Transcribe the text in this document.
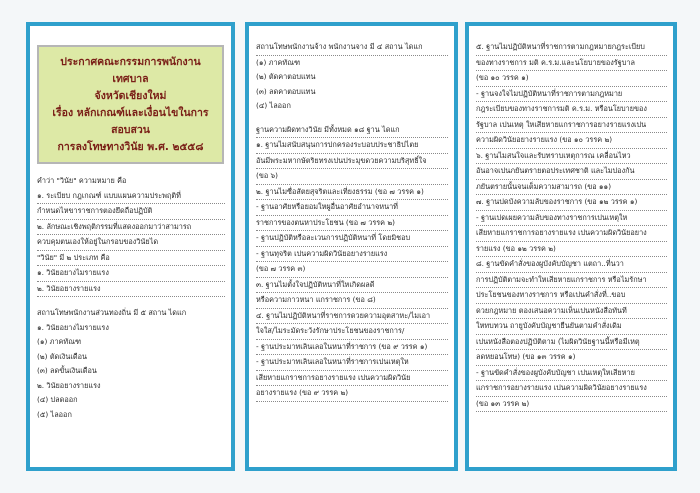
ประกาศคณะกรรมการพนักงานเทศบาล
จังหวัดเชียงใหม่
เรื่อง หลักเกณฑ์และเงื่อนไขในการสอบสวน
การลงโทษทางวินัย พ.ศ. ๒๕๕๘
คำว่า "วินัย" ความหมาย คือ
๑. ระเบียบ กฎเกณฑ์ แบบแผนความประพฤติที่
กำหนดไหขาราชการตองยึดถือปฏิบัติ
๒. ลักษณะเชิงพฤติกรรมที่แสดงออกมาว่าสามารถ
ควบคุมตนเองให้อยู่ในกรอบของวินัยได
"วินัย" มี ๒ ประเภท คือ
๑. วินัยอยางไมรายแรง
๒. วินัยอยางรายแรง
สถานโทษพนักงานส่วนทองถิ่น มี ๕ สถาน ไดแก
๑. วินัยอยางไมรายแรง
(๑) ภาคทัณฑ
(๒) ตัดเงินเดือน
(๓) ลดขั้นเงินเดือน
๒. วินัยอยางรายแรง
(๔) ปลดออก
(๕) ไลออก
สถานโทษพนักงานจ้าง พนักงานจาง มี ๔ สถาน ไดแก
(๑) ภาคทัณฑ
(๒) ตัดคาตอบแทน
(๓) ลดคาตอบแทน
(๔) ไลออก
ฐานความผิดทางวินัย มีทั้งหมด ๑๘ ฐาน ไดแก
๑. ฐานไมสนับสนุนการปกครองระบอบประชาธิปไตย
อันมีพระมหากษัตริยทรงเปนประมุขดวยความบริสุทธิ์ใจ
(ขอ ๖)
๒. ฐานไมซื่อสัตยสุจริตและเที่ยงธรรม (ขอ ๗ วรรค ๑)
- ฐานอาศัยหรือยอมใหผูอื่นอาศัยอำนาจหนาที่
ราชการของตนหาประโยชน (ขอ ๗ วรรค ๒)
- ฐานปฏิบัติหรือละเวนการปฏิบัติหนาที่ โดยมิชอบ
- ฐานทุจริต เปนความผิดวินัยอยางรายแรง
(ขอ ๗ วรรค ๓)
๓. ฐานไมตั้งใจปฏิบัติหนาที่ใหเกิดผลดี
หรือความกาวหนา แกราชการ (ขอ ๘)
๔. ฐานไมปฏิบัติหนาที่ราชการดวยความอุตสาหะ/ไมเอา
ใจใส/ไมระมัดระวังรักษาประโยชนของราชการ/
- ฐานประมาทเลินเลอในหนาที่ราชการ (ขอ ๙ วรรค ๑)
- ฐานประมาทเลินเลอในหนาที่ราชการเปนเหตุให
เสียหายแกราชการอยางรายแรง เปนความผิดวินัย
อยางรายแรง (ขอ ๙ วรรค ๒)
๕. ฐานไมปฏิบัติหนาที่ราชการตามกฎหมายกฎระเบียบ
ของทางราชการ มติ ค.ร.ม.และนโยบายของรัฐบาล
(ขอ ๑๐ วรรค ๑)
- ฐานจงใจไมปฏิบัติหนาที่ราชการตามกฎหมาย
กฎระเบียบของทางราชการมติ ค.ร.ม. หรือนโยบายของ
รัฐบาล เปนเหตุ ใหเสียหายแกราชการอยางรายแรงเปน
ความผิดวินัยอยางรายแรง (ขอ ๑๐ วรรค ๒)
๖. ฐานไมสนใจและรับทราบเหตุการณ เคลื่อนไหว
อันอาจเปนภยันตรายตอประเทศชาติ และไมปองกัน
ภยันตรายนั้นจนเต็มความสามารถ (ขอ ๑๑)
๗. ฐานปดบังความลับของราชการ (ขอ ๑๒ วรรค ๑)
- ฐานเปดเผยความลับของทางราชการเปนเหตุให
เสียหายแกราชการอยางรายแรง เปนความผิดวินัยอยาง
รายแรง (ขอ ๑๒ วรรค ๒)
๘. ฐานขัดคำสั่งของผูบังคับบัญชา แตถา..ที่นวา
การปฏิบัติตามจะทำใหเสียหายแกราชการ หรือไมรักษา
ประโยชนของทางราชการ หรือเปนคำสั่งที่..ขอบ
ดวยกฎหมาย ตองเสนอความเห็นเปนหนังสือทันที
ใหทบทวน ถายูบังคับบัญชายืนยันตามคำสั่งเดิม
เปนหนังสือตองปฏิบัติตาม (ไมผิดวินัยฐานนี้หรือมีเหตุ
ลดหยอนโทษ) (ขอ ๑๓ วรรค ๑)
- ฐานขัดคำสั่งของผูบังคับบัญชา เปนเหตุใหเสียหาย
แกราชการอยางรายแรง เปนความผิดวินัยอยางรายแรง
(ขอ ๑๓ วรรค ๒)
